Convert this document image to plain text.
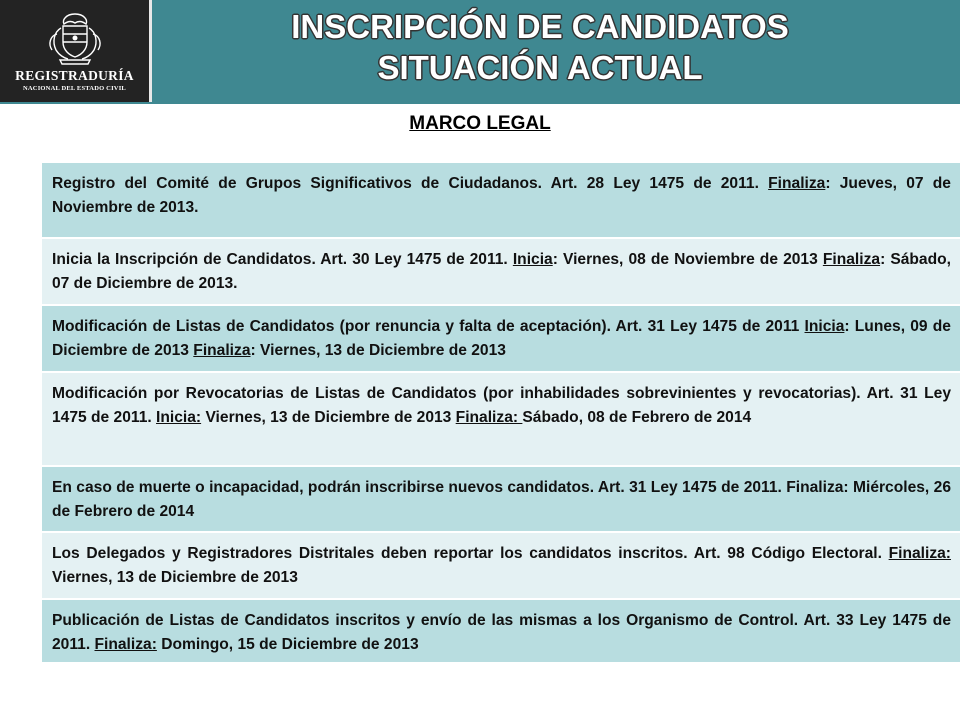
REGISTRADURÍA
NACIONAL DEL ESTADO CIVIL
INSCRIPCIÓN DE CANDIDATOS
SITUACIÓN ACTUAL
MARCO LEGAL
Registro del Comité de Grupos Significativos de Ciudadanos. Art. 28 Ley 1475 de 2011. Finaliza: Jueves, 07 de Noviembre de 2013.
Inicia la Inscripción de Candidatos. Art. 30 Ley 1475 de 2011. Inicia: Viernes, 08 de Noviembre de 2013 Finaliza: Sábado, 07 de Diciembre de 2013.
Modificación de Listas de Candidatos (por renuncia y falta de aceptación). Art. 31 Ley 1475 de 2011 Inicia: Lunes, 09 de Diciembre de 2013 Finaliza: Viernes, 13 de Diciembre de 2013
Modificación por Revocatorias de Listas de Candidatos (por inhabilidades sobrevinientes y revocatorias). Art. 31 Ley 1475 de 2011. Inicia: Viernes, 13 de Diciembre de 2013 Finaliza: Sábado, 08 de Febrero de 2014
En caso de muerte o incapacidad, podrán inscribirse nuevos candidatos. Art. 31 Ley 1475 de 2011. Finaliza: Miércoles, 26 de Febrero de 2014
Los Delegados y Registradores Distritales deben reportar los candidatos inscritos. Art. 98 Código Electoral. Finaliza: Viernes, 13 de Diciembre de 2013
Publicación de Listas de Candidatos inscritos y envío de las mismas a los Organismo de Control. Art. 33 Ley 1475 de 2011. Finaliza: Domingo, 15 de Diciembre de 2013
